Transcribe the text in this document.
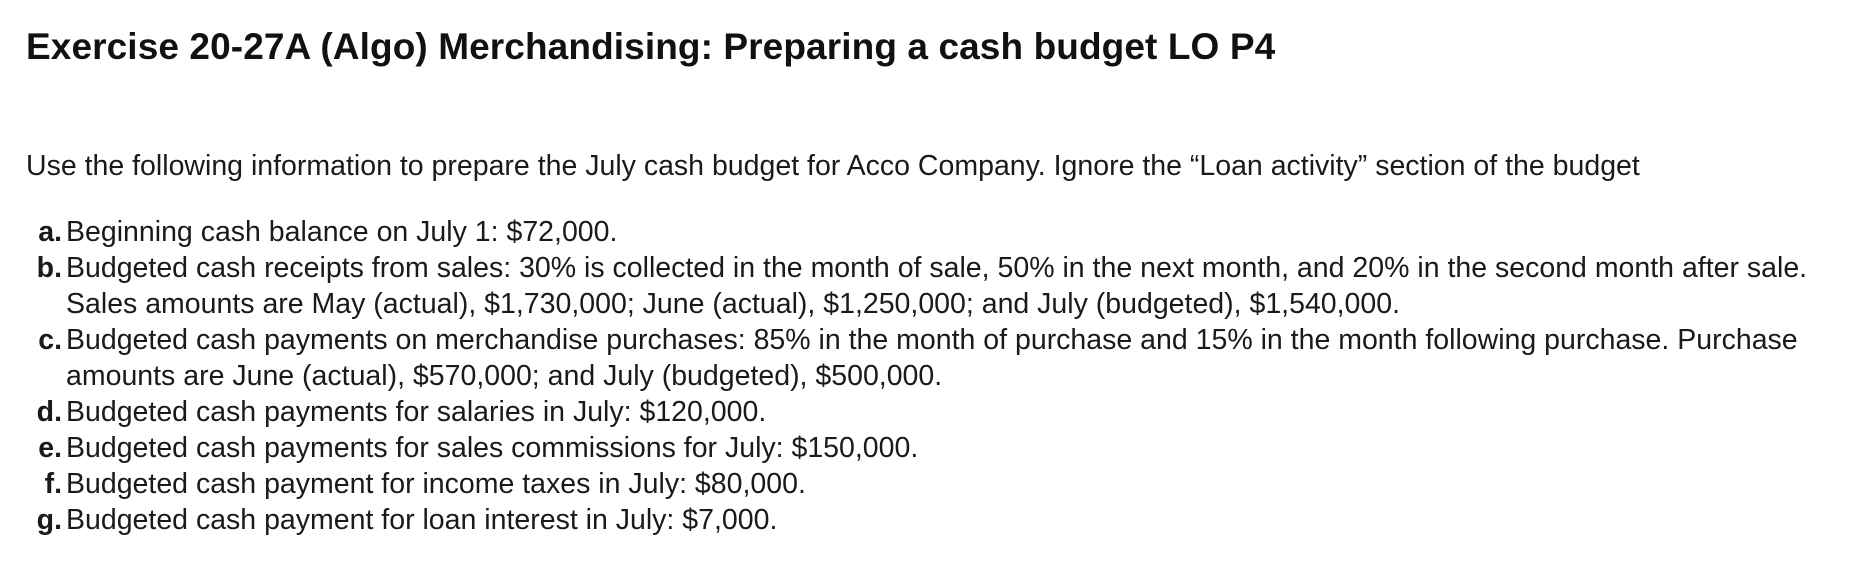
Exercise 20-27A (Algo) Merchandising: Preparing a cash budget LO P4

Use the following information to prepare the July cash budget for Acco Company. Ignore the “Loan activity” section of the budget

a. Beginning cash balance on July 1: $72,000.
b. Budgeted cash receipts from sales: 30% is collected in the month of sale, 50% in the next month, and 20% in the second month after sale. Sales amounts are May (actual), $1,730,000; June (actual), $1,250,000; and July (budgeted), $1,540,000.
c. Budgeted cash payments on merchandise purchases: 85% in the month of purchase and 15% in the month following purchase. Purchase amounts are June (actual), $570,000; and July (budgeted), $500,000.
d. Budgeted cash payments for salaries in July: $120,000.
e. Budgeted cash payments for sales commissions for July: $150,000.
f. Budgeted cash payment for income taxes in July: $80,000.
g. Budgeted cash payment for loan interest in July: $7,000.
